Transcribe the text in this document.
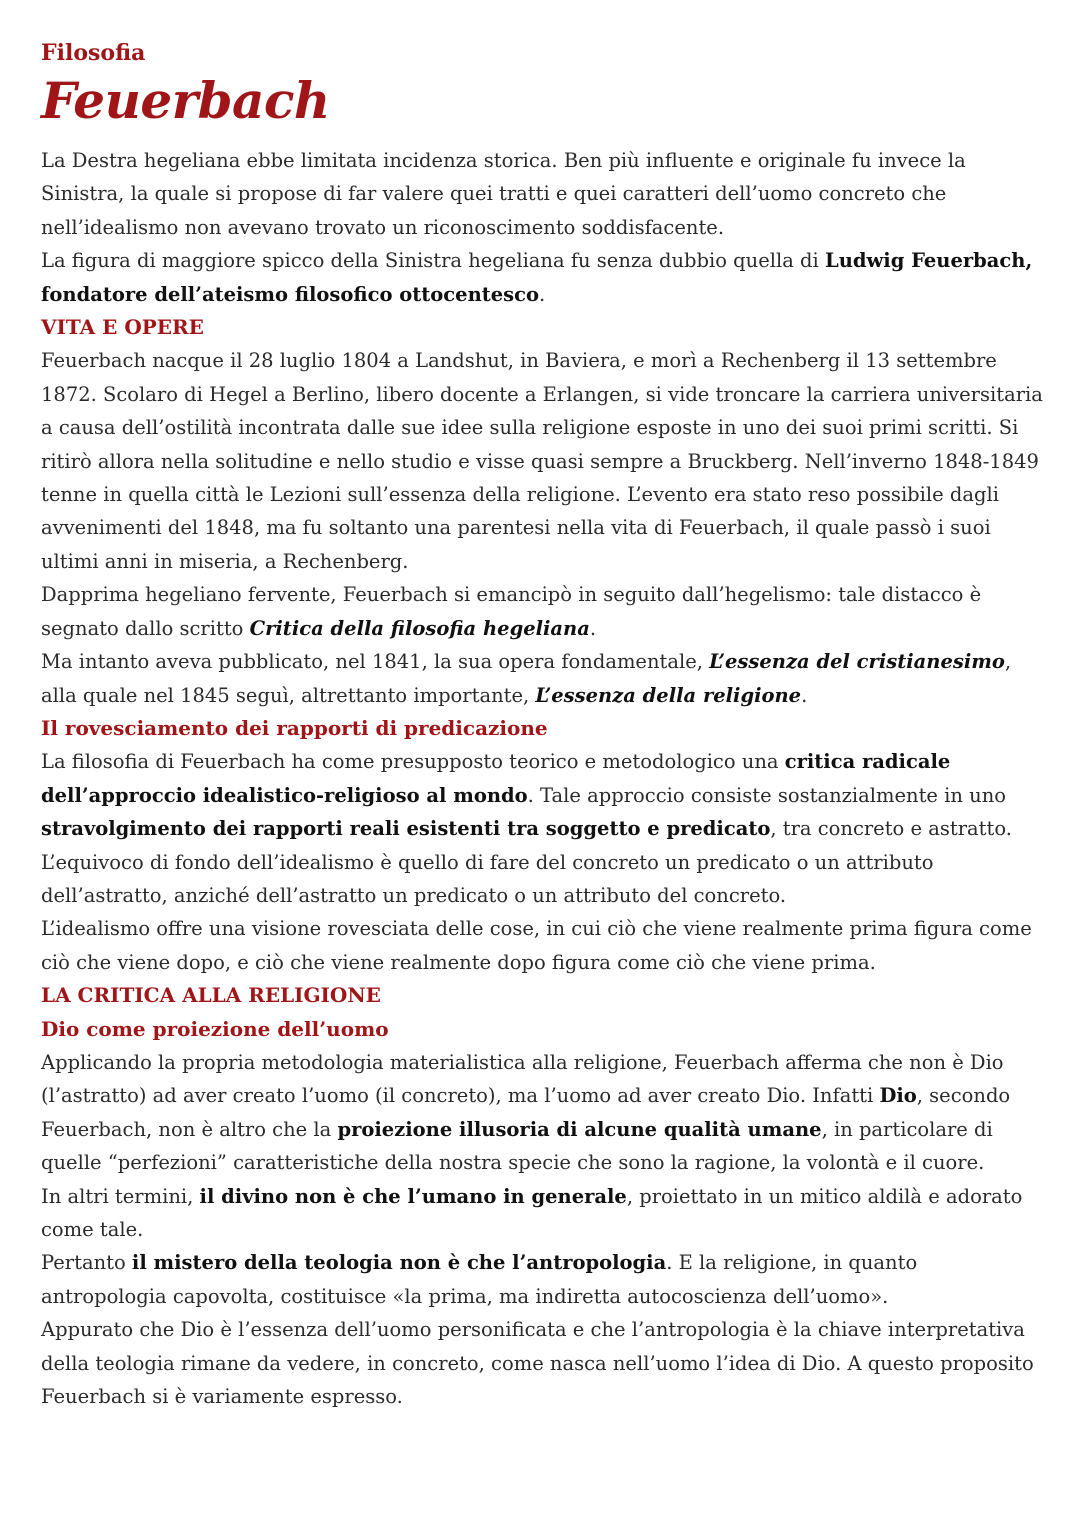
Filosofia
Feuerbach

La Destra hegeliana ebbe limitata incidenza storica. Ben più influente e originale fu invece la Sinistra, la quale si propose di far valere quei tratti e quei caratteri dell’uomo concreto che nell’idealismo non avevano trovato un riconoscimento soddisfacente.

La figura di maggiore spicco della Sinistra hegeliana fu senza dubbio quella di Ludwig Feuerbach, fondatore dell’ateismo filosofico ottocentesco.

VITA E OPERE

Feuerbach nacque il 28 luglio 1804 a Landshut, in Baviera, e morì a Rechenberg il 13 settembre 1872. Scolaro di Hegel a Berlino, libero docente a Erlangen, si vide troncare la carriera universitaria a causa dell’ostilità incontrata dalle sue idee sulla religione esposte in uno dei suoi primi scritti. Si ritirò allora nella solitudine e nello studio e visse quasi sempre a Bruckberg. Nell’inverno 1848-1849 tenne in quella città le Lezioni sull’essenza della religione. L’evento era stato reso possibile dagli avvenimenti del 1848, ma fu soltanto una parentesi nella vita di Feuerbach, il quale passò i suoi ultimi anni in miseria, a Rechenberg.

Dapprima hegeliano fervente, Feuerbach si emancipò in seguito dall’hegelismo: tale distacco è segnato dallo scritto Critica della filosofia hegeliana.

Ma intanto aveva pubblicato, nel 1841, la sua opera fondamentale, L’essenza del cristianesimo, alla quale nel 1845 seguì, altrettanto importante, L’essenza della religione.

Il rovesciamento dei rapporti di predicazione

La filosofia di Feuerbach ha come presupposto teorico e metodologico una critica radicale dell’approccio idealistico-religioso al mondo. Tale approccio consiste sostanzialmente in uno stravolgimento dei rapporti reali esistenti tra soggetto e predicato, tra concreto e astratto. L’equivoco di fondo dell’idealismo è quello di fare del concreto un predicato o un attributo dell’astratto, anziché dell’astratto un predicato o un attributo del concreto.

L’idealismo offre una visione rovesciata delle cose, in cui ciò che viene realmente prima figura come ciò che viene dopo, e ciò che viene realmente dopo figura come ciò che viene prima.

LA CRITICA ALLA RELIGIONE
Dio come proiezione dell’uomo

Applicando la propria metodologia materialistica alla religione, Feuerbach afferma che non è Dio (l’astratto) ad aver creato l’uomo (il concreto), ma l’uomo ad aver creato Dio. Infatti Dio, secondo Feuerbach, non è altro che la proiezione illusoria di alcune qualità umane, in particolare di quelle “perfezioni” caratteristiche della nostra specie che sono la ragione, la volontà e il cuore.

In altri termini, il divino non è che l’umano in generale, proiettato in un mitico aldilà e adorato come tale.

Pertanto il mistero della teologia non è che l’antropologia. E la religione, in quanto antropologia capovolta, costituisce «la prima, ma indiretta autocoscienza dell’uomo».

Appurato che Dio è l’essenza dell’uomo personificata e che l’antropologia è la chiave interpretativa della teologia rimane da vedere, in concreto, come nasca nell’uomo l’idea di Dio. A questo proposito Feuerbach si è variamente espresso.
